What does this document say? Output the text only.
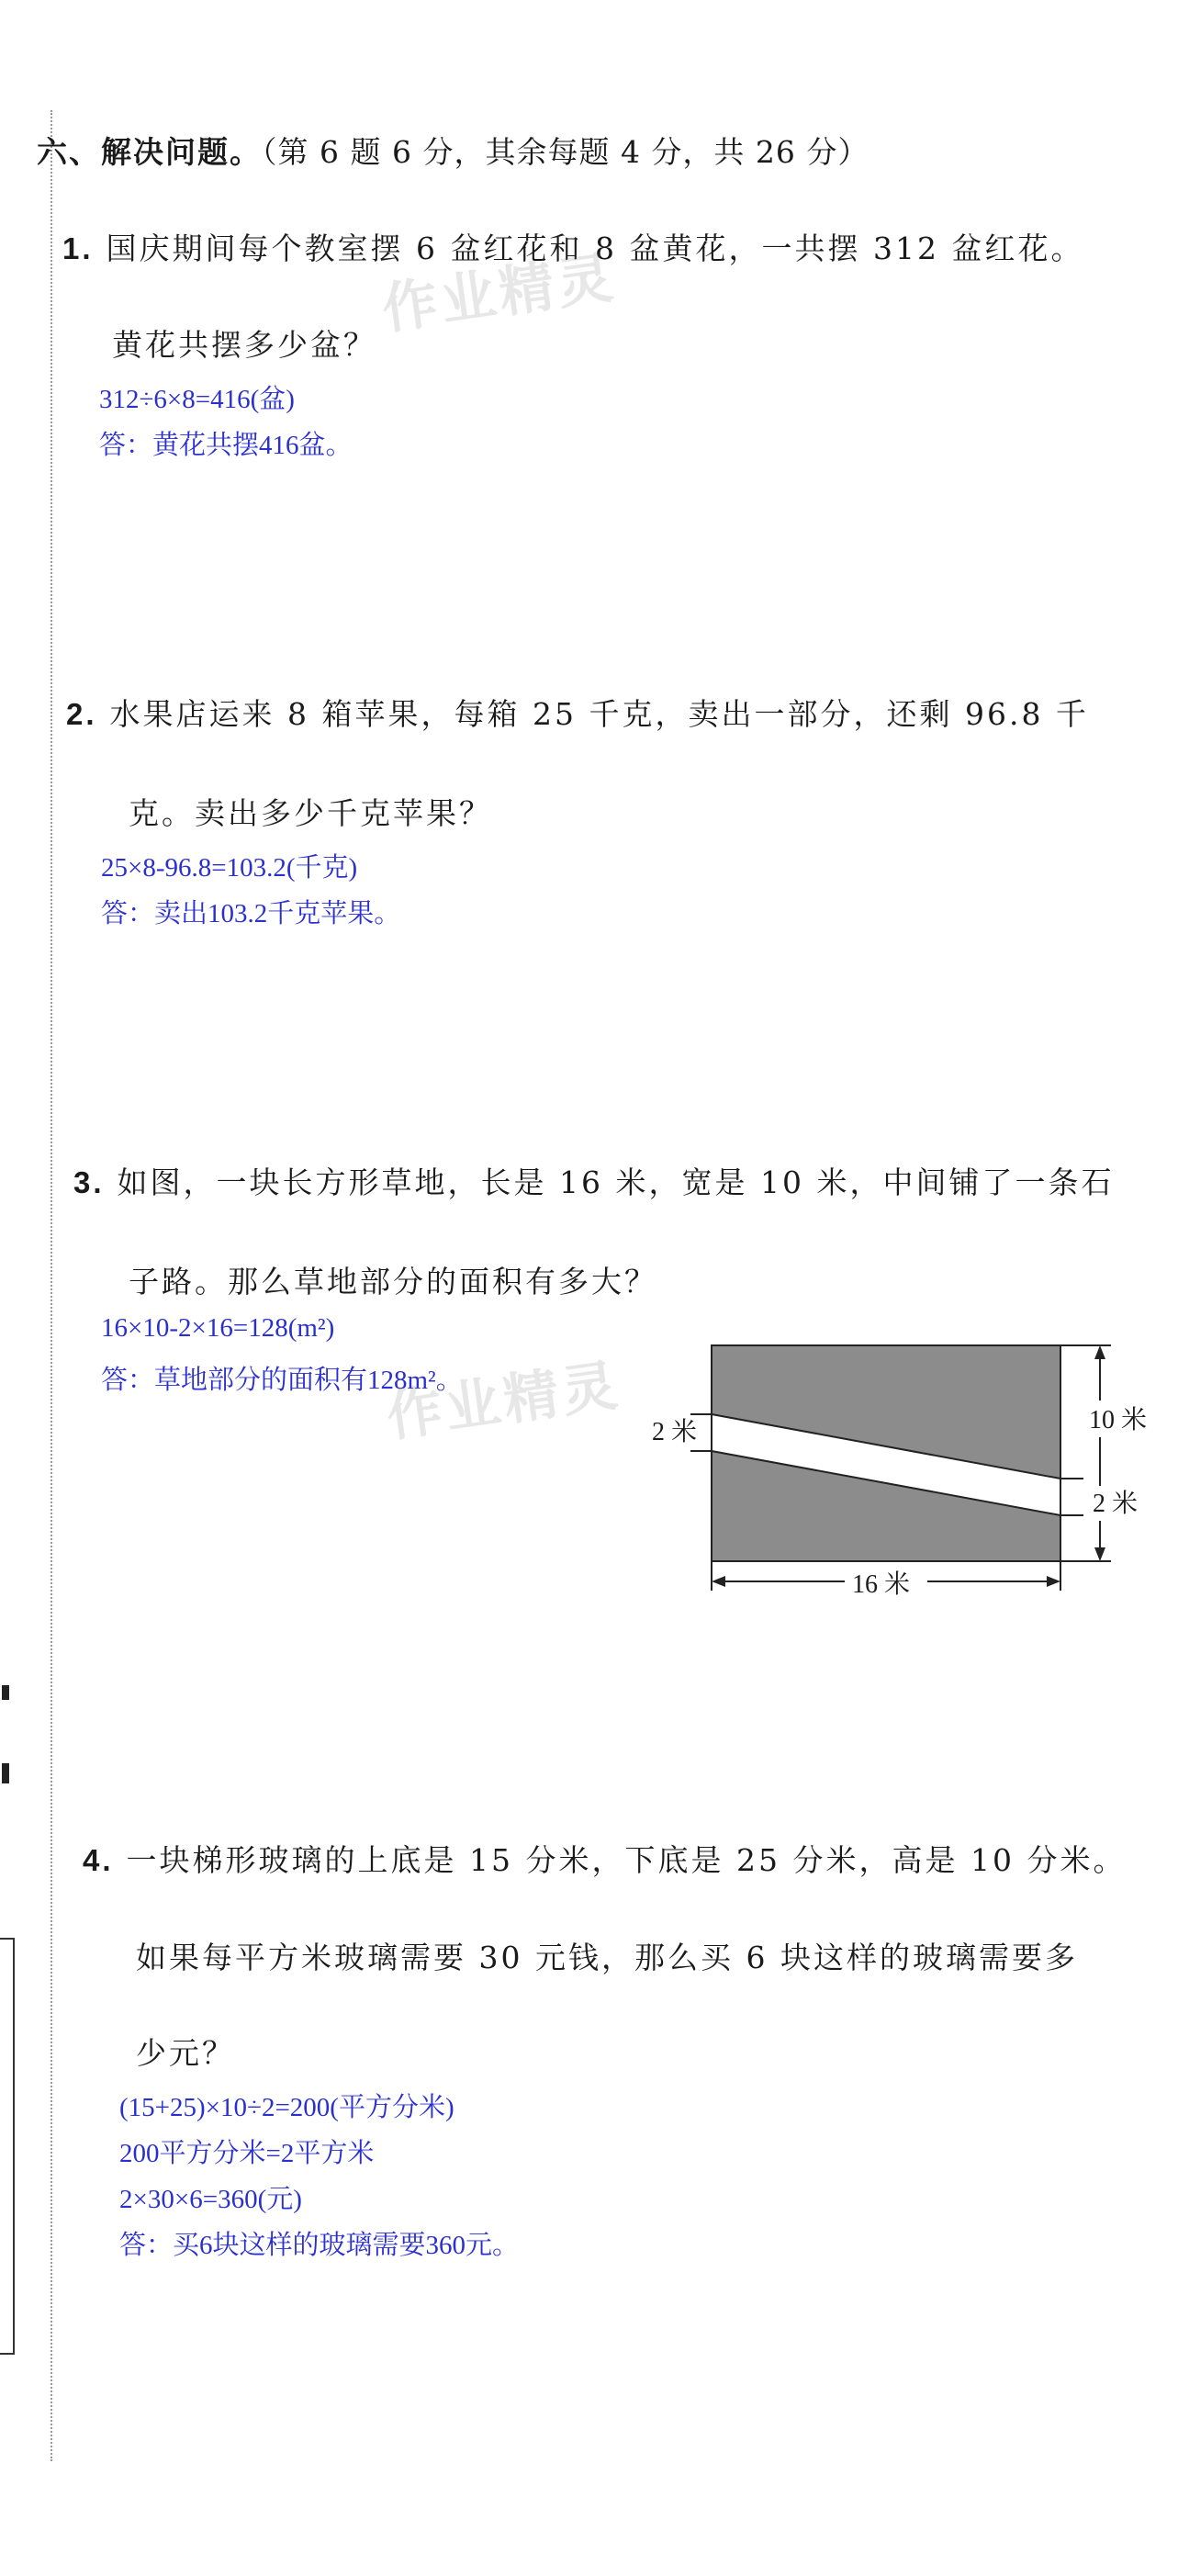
六、解决问题。（第 6 题 6 分，其余每题 4 分，共 26 分）
1. 国庆期间每个教室摆 6 盆红花和 8 盆黄花，一共摆 312 盆红花。
黄花共摆多少盆？
312÷6×8=416(盆)
答：黄花共摆416盆。
2. 水果店运来 8 箱苹果，每箱 25 千克，卖出一部分，还剩 96.8 千
克。卖出多少千克苹果？
25×8-96.8=103.2(千克)
答：卖出103.2千克苹果。
3. 如图，一块长方形草地，长是 16 米，宽是 10 米，中间铺了一条石
子路。那么草地部分的面积有多大？
16×10-2×16=128(m²)
答：草地部分的面积有128m²。
2 米	10 米
2 米
16 米
4. 一块梯形玻璃的上底是 15 分米，下底是 25 分米，高是 10 分米。
如果每平方米玻璃需要 30 元钱，那么买 6 块这样的玻璃需要多
少元？
(15+25)×10÷2=200(平方分米)
200平方分米=2平方米
2×30×6=360(元)
答：买6块这样的玻璃需要360元。
作业精灵
作业精灵
